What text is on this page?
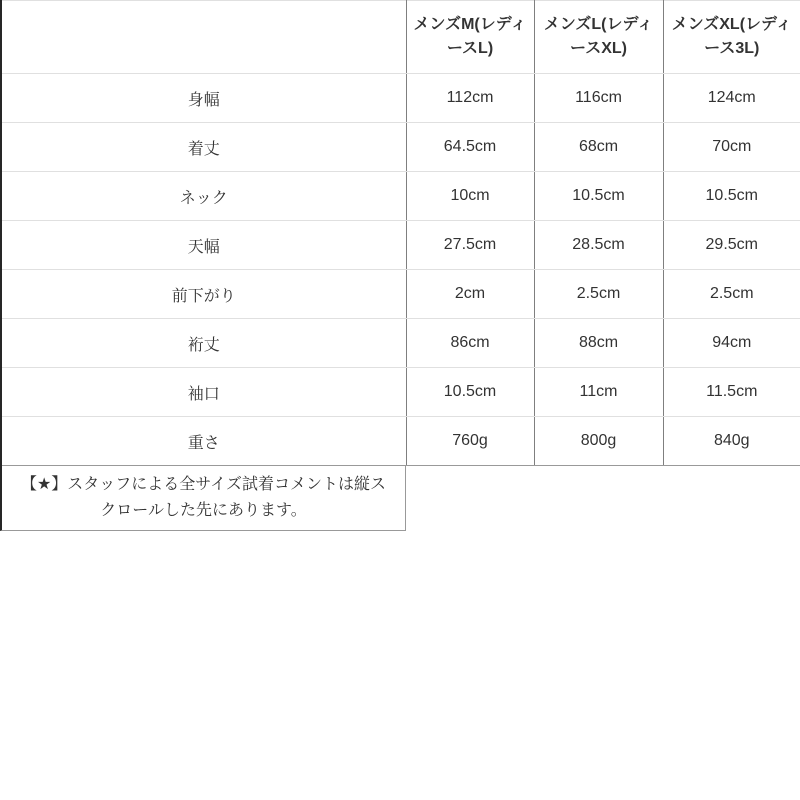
	メンズM(レディースL)	メンズL(レディースXL)	メンズXL(レディース3L)
身幅	112cm	116cm	124cm
着丈	64.5cm	68cm	70cm
ネック	10cm	10.5cm	10.5cm
天幅	27.5cm	28.5cm	29.5cm
前下がり	2cm	2.5cm	2.5cm
裄丈	86cm	88cm	94cm
袖口	10.5cm	11cm	11.5cm
重さ	760g	800g	840g
【★】スタッフによる全サイズ試着コメントは縦スクロールした先にあります。
